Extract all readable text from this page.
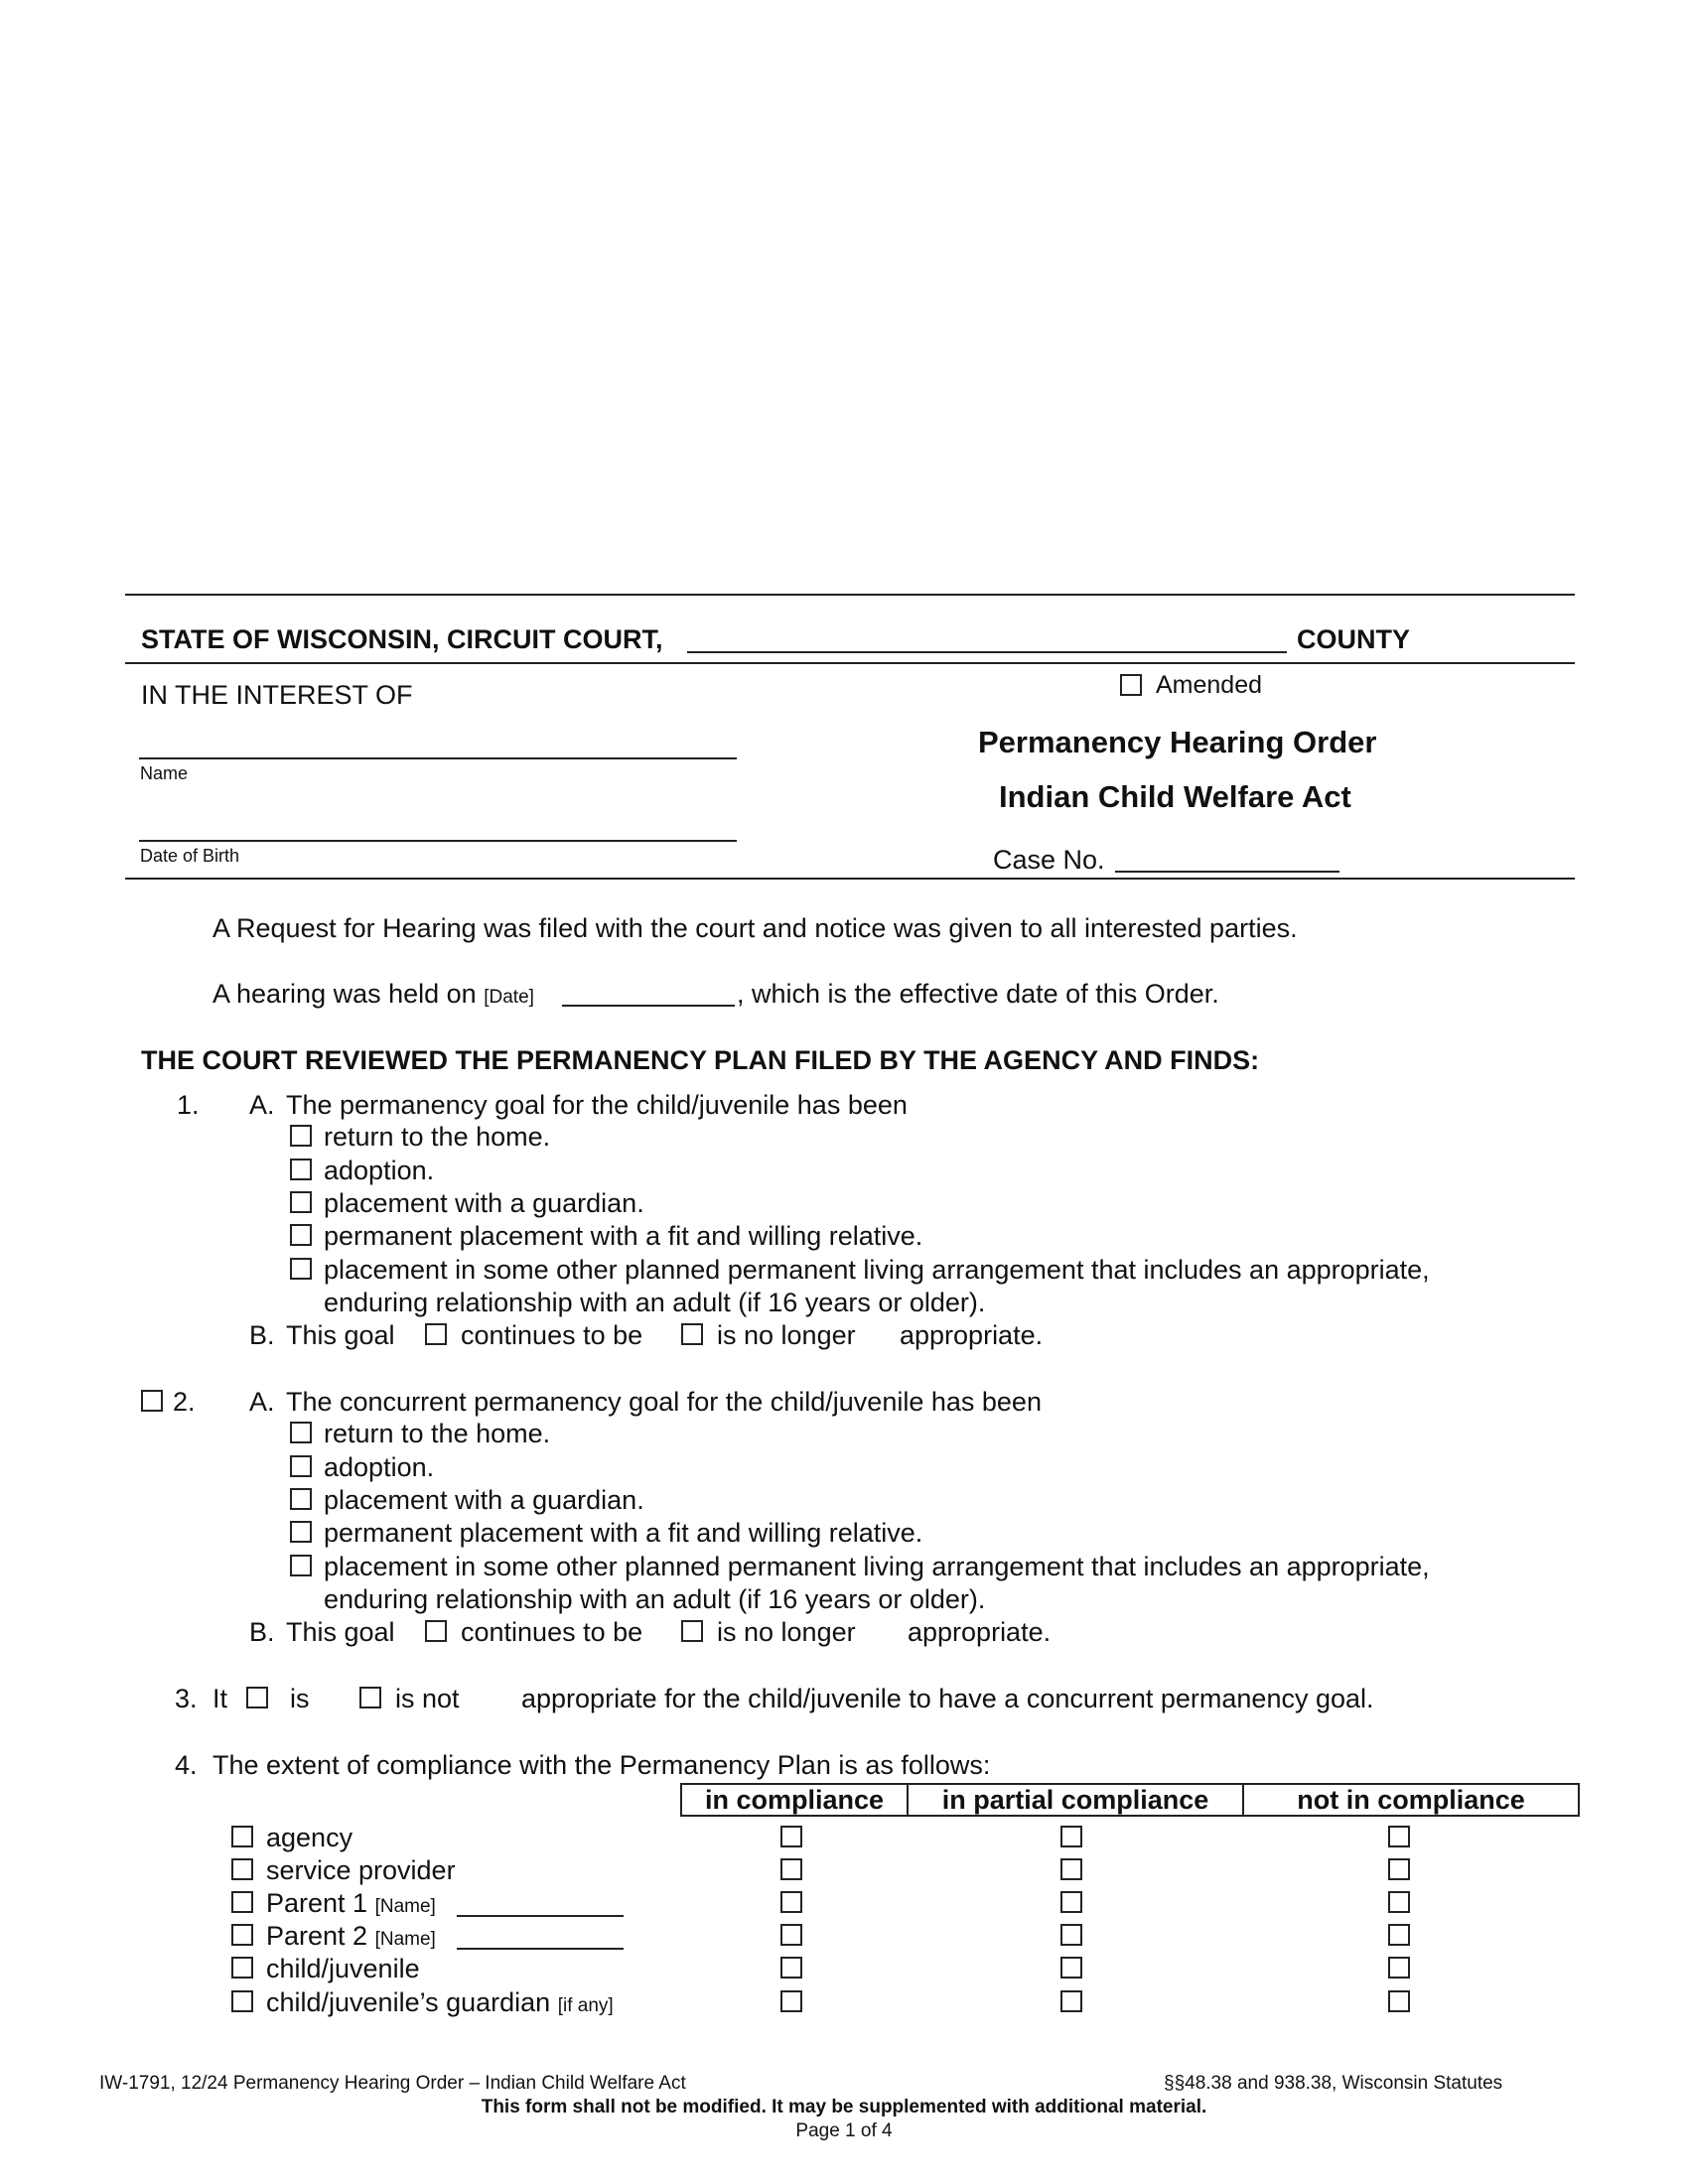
STATE OF WISCONSIN, CIRCUIT COURT,	COUNTY
IN THE INTEREST OF	Amended
Permanency Hearing Order
Indian Child Welfare Act
Name
Date of Birth	Case No.
A Request for Hearing was filed with the court and notice was given to all interested parties.
A hearing was held on [Date]	, which is the effective date of this Order.
THE COURT REVIEWED THE PERMANENCY PLAN FILED BY THE AGENCY AND FINDS:
1. A. The permanency goal for the child/juvenile has been
return to the home.
adoption.
placement with a guardian.
permanent placement with a fit and willing relative.
placement in some other planned permanent living arrangement that includes an appropriate,
enduring relationship with an adult (if 16 years or older).
B. This goal continues to be	is no longer appropriate.
2. A. The concurrent permanency goal for the child/juvenile has been
return to the home.
adoption.
placement with a guardian.
permanent placement with a fit and willing relative.
placement in some other planned permanent living arrangement that includes an appropriate,
enduring relationship with an adult (if 16 years or older).
B. This goal continues to be	is no longer appropriate.
3. It is	is not appropriate for the child/juvenile to have a concurrent permanency goal.
4. The extent of compliance with the Permanency Plan is as follows:
in compliance	in partial compliance	not in compliance
agency
service provider
Parent 1 [Name]
Parent 2 [Name]
child/juvenile
child/juvenile’s guardian [if any]
IW-1791, 12/24 Permanency Hearing Order – Indian Child Welfare Act	§§48.38 and 938.38, Wisconsin Statutes
This form shall not be modified. It may be supplemented with additional material.
Page 1 of 4
